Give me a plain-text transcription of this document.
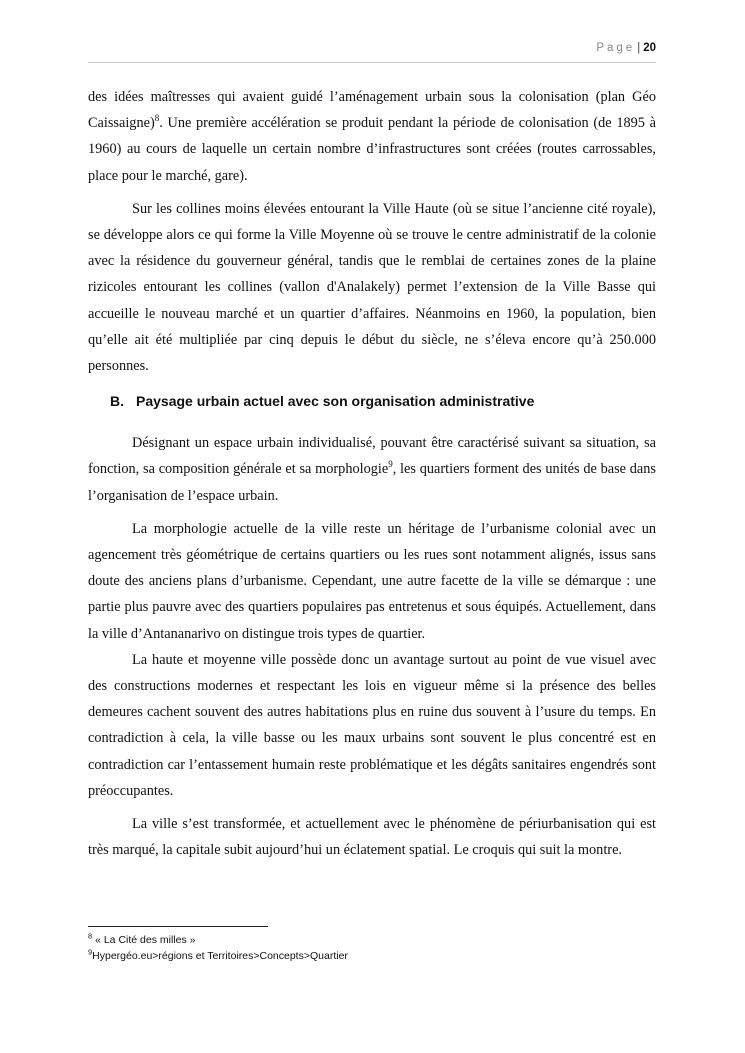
Page | 20

des idées maîtresses qui avaient guidé l’aménagement urbain sous la colonisation (plan Géo Caissaigne)$^8$. Une première accélération se produit pendant la période de colonisation (de 1895 à 1960) au cours de laquelle un certain nombre d’infrastructures sont créées (routes carrossables, place pour le marché, gare).

Sur les collines moins élevées entourant la Ville Haute (où se situe l’ancienne cité royale), se développe alors ce qui forme la Ville Moyenne où se trouve le centre administratif de la colonie avec la résidence du gouverneur général, tandis que le remblai de certaines zones de la plaine rizicoles entourant les collines (vallon d'Analakely) permet l’extension de la Ville Basse qui accueille le nouveau marché et un quartier d’affaires. Néanmoins en 1960, la population, bien qu’elle ait été multipliée par cinq depuis le début du siècle, ne s’éleva encore qu’à 250.000 personnes.

B. Paysage urbain actuel avec son organisation administrative

Désignant un espace urbain individualisé, pouvant être caractérisé suivant sa situation, sa fonction, sa composition générale et sa morphologie$^9$, les quartiers forment des unités de base dans l’organisation de l’espace urbain.

La morphologie actuelle de la ville reste un héritage de l’urbanisme colonial avec un agencement très géométrique de certains quartiers ou les rues sont notamment alignés, issus sans doute des anciens plans d’urbanisme. Cependant, une autre facette de la ville se démarque : une partie plus pauvre avec des quartiers populaires pas entretenus et sous équipés. Actuellement, dans la ville d’Antananarivo on distingue trois types de quartier.

La haute et moyenne ville possède donc un avantage surtout au point de vue visuel avec des constructions modernes et respectant les lois en vigueur même si la présence des belles demeures cachent souvent des autres habitations plus en ruine dus souvent à l’usure du temps. En contradiction à cela, la ville basse ou les maux urbains sont souvent le plus concentré est en contradiction car l’entassement humain reste problématique et les dégâts sanitaires engendrés sont préoccupantes.

La ville s’est transformée, et actuellement avec le phénomène de périurbanisation qui est très marqué, la capitale subit aujourd’hui un éclatement spatial. Le croquis qui suit la montre.

$^8$ « La Cité des milles »
$^9$Hypergéo.eu>régions et Territoires>Concepts>Quartier
